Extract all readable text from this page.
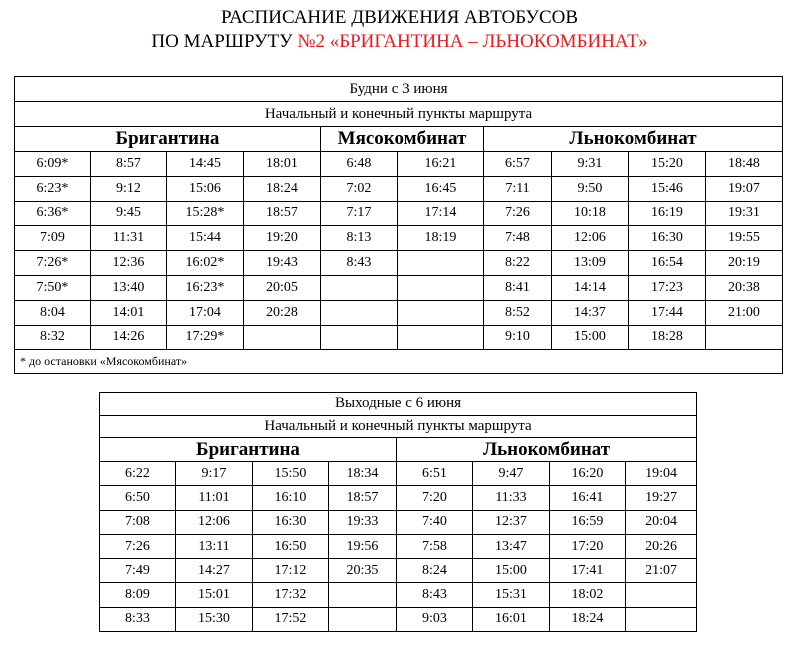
РАСПИСАНИЕ ДВИЖЕНИЯ АВТОБУСОВ
ПО МАРШРУТУ №2 «БРИГАНТИНА – ЛЬНОКОМБИНАТ»
Будни с 3 июня									
Начальный и конечный пункты маршрута									
Бригантина				Мясокомбинат		Льнокомбинат			
6:09*	8:57	14:45	18:01	6:48	16:21	6:57	9:31	15:20	18:48
6:23*	9:12	15:06	18:24	7:02	16:45	7:11	9:50	15:46	19:07
6:36*	9:45	15:28*	18:57	7:17	17:14	7:26	10:18	16:19	19:31
7:09	11:31	15:44	19:20	8:13	18:19	7:48	12:06	16:30	19:55
7:26*	12:36	16:02*	19:43	8:43		8:22	13:09	16:54	20:19
7:50*	13:40	16:23*	20:05			8:41	14:14	17:23	20:38
8:04	14:01	17:04	20:28			8:52	14:37	17:44	21:00
8:32	14:26	17:29*				9:10	15:00	18:28	
* до остановки «Мясокомбинат»									
Выходные с 6 июня							
Начальный и конечный пункты маршрута							
Бригантина				Льнокомбинат			
6:22	9:17	15:50	18:34	6:51	9:47	16:20	19:04
6:50	11:01	16:10	18:57	7:20	11:33	16:41	19:27
7:08	12:06	16:30	19:33	7:40	12:37	16:59	20:04
7:26	13:11	16:50	19:56	7:58	13:47	17:20	20:26
7:49	14:27	17:12	20:35	8:24	15:00	17:41	21:07
8:09	15:01	17:32		8:43	15:31	18:02	
8:33	15:30	17:52		9:03	16:01	18:24	
